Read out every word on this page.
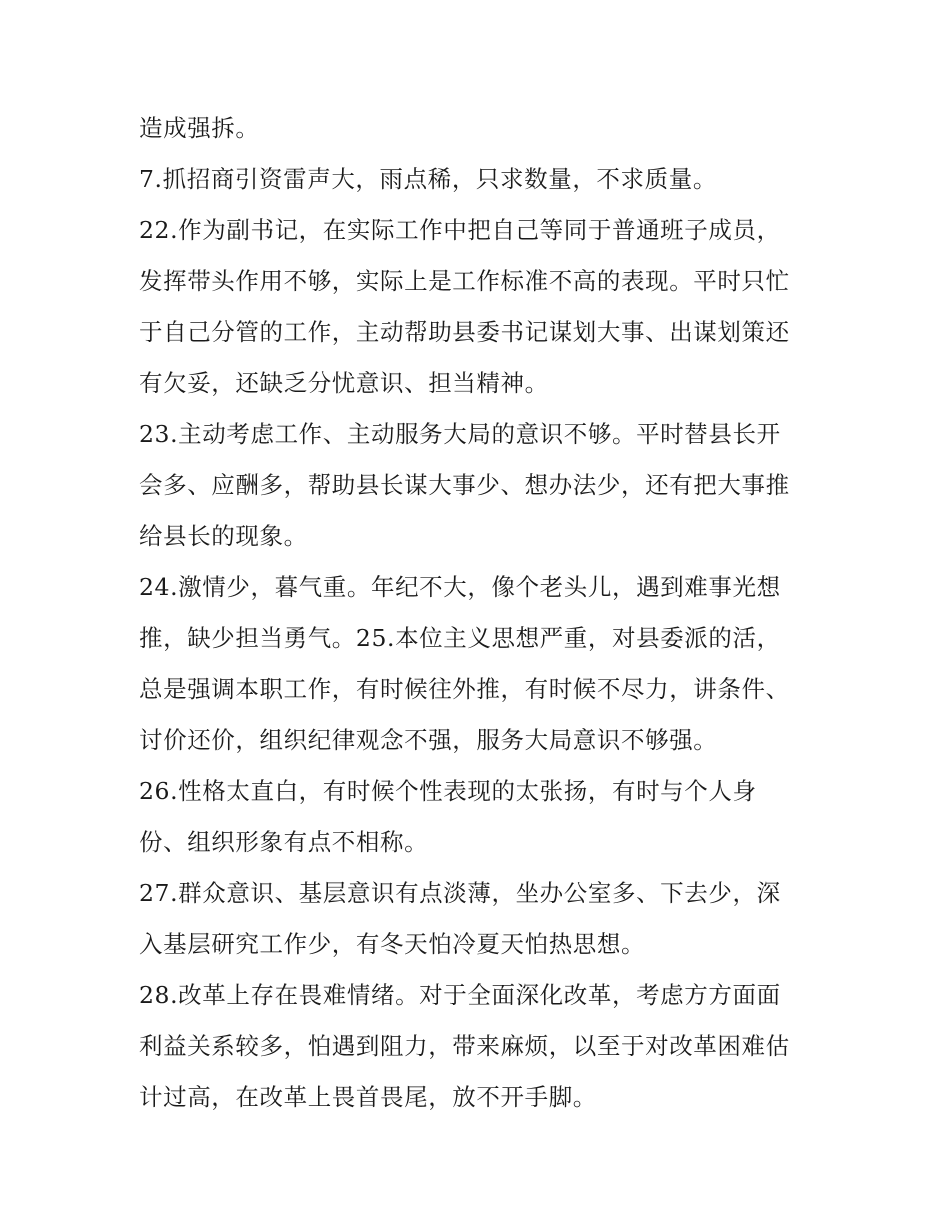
造成强拆。
7.抓招商引资雷声大，雨点稀，只求数量，不求质量。
22.作为副书记，在实际工作中把自己等同于普通班子成员，
发挥带头作用不够，实际上是工作标准不高的表现。平时只忙
于自己分管的工作，主动帮助县委书记谋划大事、出谋划策还
有欠妥，还缺乏分忧意识、担当精神。
23.主动考虑工作、主动服务大局的意识不够。平时替县长开
会多、应酬多，帮助县长谋大事少、想办法少，还有把大事推
给县长的现象。
24.激情少，暮气重。年纪不大，像个老头儿，遇到难事光想
推，缺少担当勇气。25.本位主义思想严重，对县委派的活，
总是强调本职工作，有时候往外推，有时候不尽力，讲条件、
讨价还价，组织纪律观念不强，服务大局意识不够强。
26.性格太直白，有时候个性表现的太张扬，有时与个人身
份、组织形象有点不相称。
27.群众意识、基层意识有点淡薄，坐办公室多、下去少，深
入基层研究工作少，有冬天怕冷夏天怕热思想。
28.改革上存在畏难情绪。对于全面深化改革，考虑方方面面
利益关系较多，怕遇到阻力，带来麻烦，以至于对改革困难估
计过高，在改革上畏首畏尾，放不开手脚。
